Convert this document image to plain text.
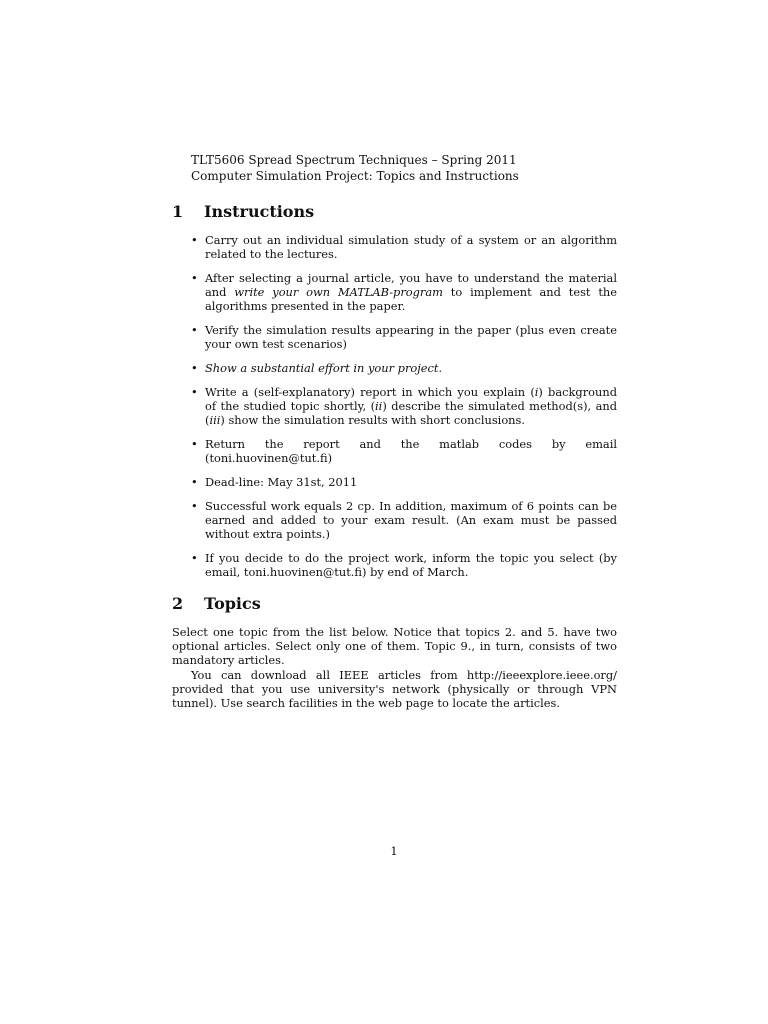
TLT5606 Spread Spectrum Techniques – Spring 2011
Computer Simulation Project: Topics and Instructions
1 Instructions
• Carry out an individual simulation study of a system or an algorithm related to the lectures.
• After selecting a journal article, you have to understand the material and write your own MATLAB-program to implement and test the algorithms presented in the paper.
• Verify the simulation results appearing in the paper (plus even create your own test scenarios)
• Show a substantial effort in your project.
• Write a (self-explanatory) report in which you explain (i) background of the studied topic shortly, (ii) describe the simulated method(s), and (iii) show the simulation results with short conclusions.
• Return the report and the matlab codes by email (toni.huovinen@tut.fi)
• Dead-line: May 31st, 2011
• Successful work equals 2 cp. In addition, maximum of 6 points can be earned and added to your exam result. (An exam must be passed without extra points.)
• If you decide to do the project work, inform the topic you select (by email, toni.huovinen@tut.fi) by end of March.
2 Topics

Select one topic from the list below. Notice that topics 2. and 5. have two optional articles. Select only one of them. Topic 9., in turn, consists of two mandatory articles.

You can download all IEEE articles from http://ieeexplore.ieee.org/ provided that you use university's network (physically or through VPN tunnel). Use search facilities in the web page to locate the articles.

1
